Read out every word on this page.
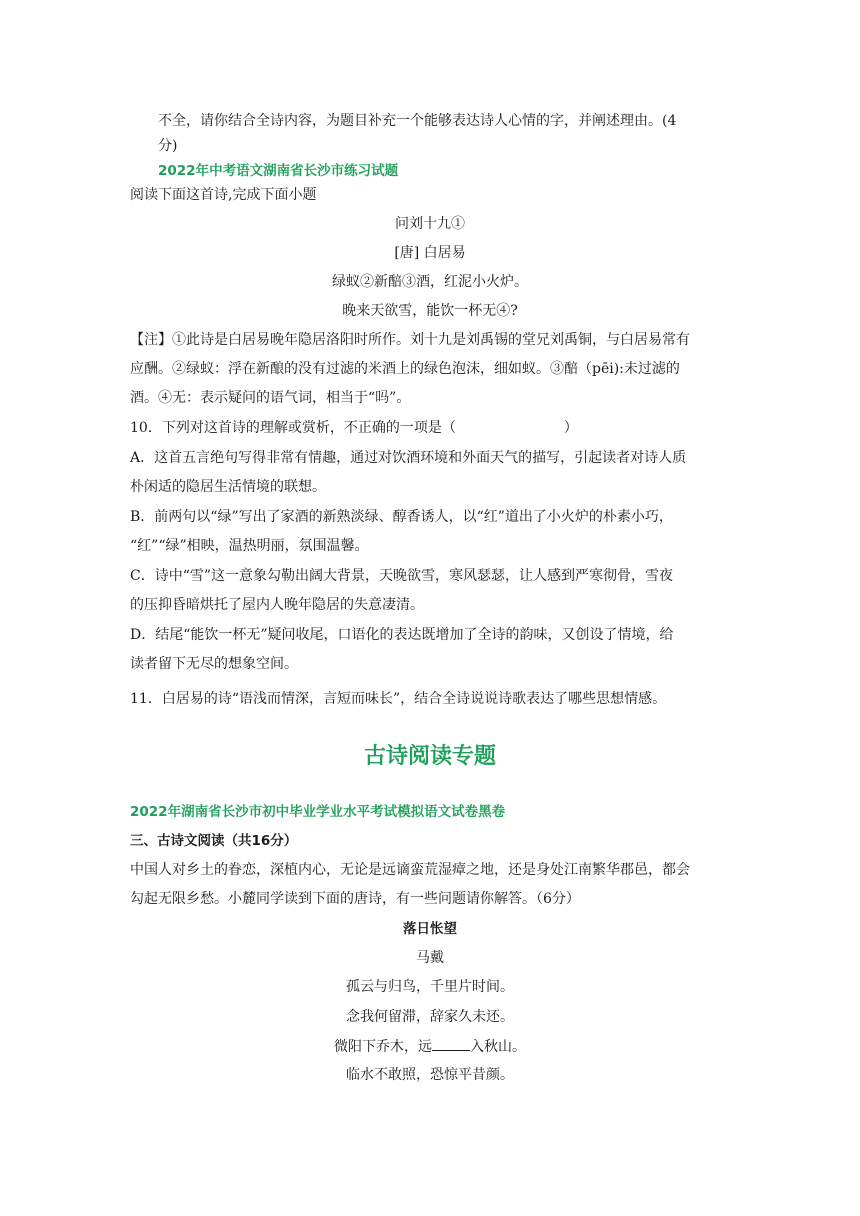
不全，请你结合全诗内容，为题目补充一个能够表达诗人心情的字，并阐述理由。(4
分)
2022年中考语文湖南省长沙市练习试题
阅读下面这首诗,完成下面小题
问刘十九①
[唐] 白居易
绿蚁②新醅③酒，红泥小火炉。
晚来天欲雪，能饮一杯无④?
【注】①此诗是白居易晚年隐居洛阳时所作。刘十九是刘禹锡的堂兄刘禹铜，与白居易常有
应酬。②绿蚁：浮在新酿的没有过滤的米酒上的绿色泡沫，细如蚁。③醅（pēi):未过滤的
酒。④无：表示疑问的语气词，相当于“吗”。
10．下列对这首诗的理解或赏析，不正确的一项是（	）
A．这首五言绝句写得非常有情趣，通过对饮酒环境和外面天气的描写，引起读者对诗人质
朴闲适的隐居生活情境的联想。
B．前两句以“绿”写出了家酒的新熟淡绿、醇香诱人，以“红”道出了小火炉的朴素小巧，
“红”“绿”相映，温热明丽，氛围温馨。
C．诗中“雪”这一意象勾勒出阔大背景，天晚欲雪，寒风瑟瑟，让人感到严寒彻骨，雪夜
的压抑昏暗烘托了屋内人晚年隐居的失意凄清。
D．结尾“能饮一杯无”疑问收尾，口语化的表达既增加了全诗的韵味，又创设了情境，给
读者留下无尽的想象空间。
11．白居易的诗“语浅而情深，言短而味长”，结合全诗说说诗歌表达了哪些思想情感。
古诗阅读专题
2022年湖南省长沙市初中毕业学业水平考试模拟语文试卷黑卷
三、古诗文阅读（共16分）
中国人对乡土的眷恋，深植内心，无论是远谪蛮荒湿瘴之地，还是身处江南繁华郡邑，都会
勾起无限乡愁。小麓同学读到下面的唐诗，有一些问题请你解答。（6分）
落日怅望
马戴
孤云与归鸟，千里片时间。
念我何留滞，辞家久未还。
微阳下乔木，远	入秋山。
临水不敢照，恐惊平昔颜。
